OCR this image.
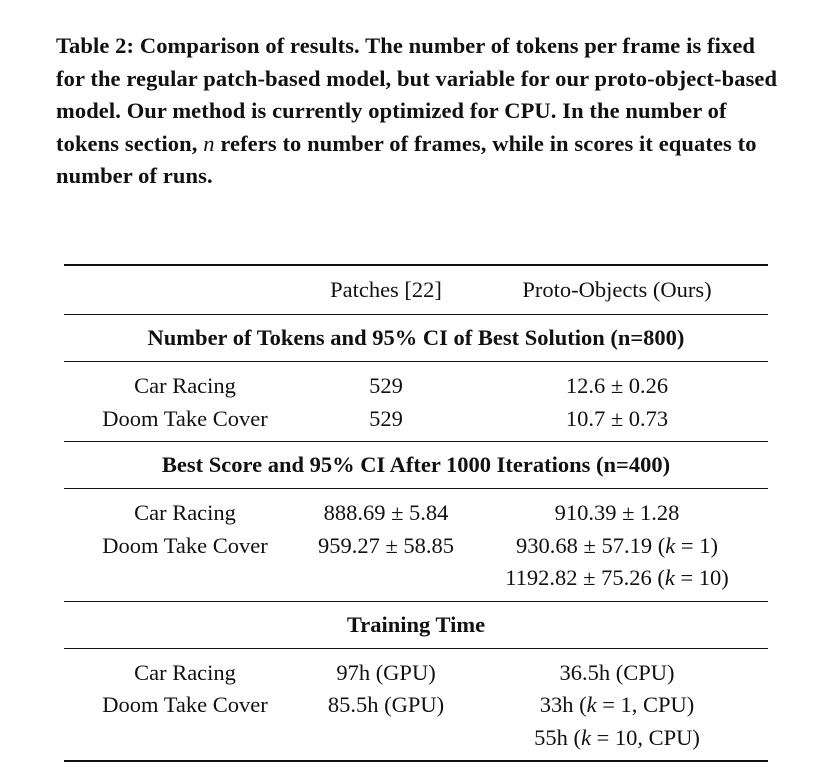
Table 2: Comparison of results. The number of tokens per frame is fixed for the regular patch-based model, but variable for our proto-object-based model. Our method is currently optimized for CPU. In the number of tokens section, n refers to number of frames, while in scores it equates to number of runs.
	Patches [22]	Proto-Objects (Ours)
Number of Tokens and 95% CI of Best Solution (n=800)		
Car Racing	529	12.6 ± 0.26
Doom Take Cover	529	10.7 ± 0.73
Best Score and 95% CI After 1000 Iterations (n=400)		
Car Racing	888.69 ± 5.84	910.39 ± 1.28
Doom Take Cover	959.27 ± 58.85	930.68 ± 57.19 (k = 1)
		1192.82 ± 75.26 (k = 10)
Training Time		
Car Racing	97h (GPU)	36.5h (CPU)
Doom Take Cover	85.5h (GPU)	33h (k = 1, CPU)
		55h (k = 10, CPU)
